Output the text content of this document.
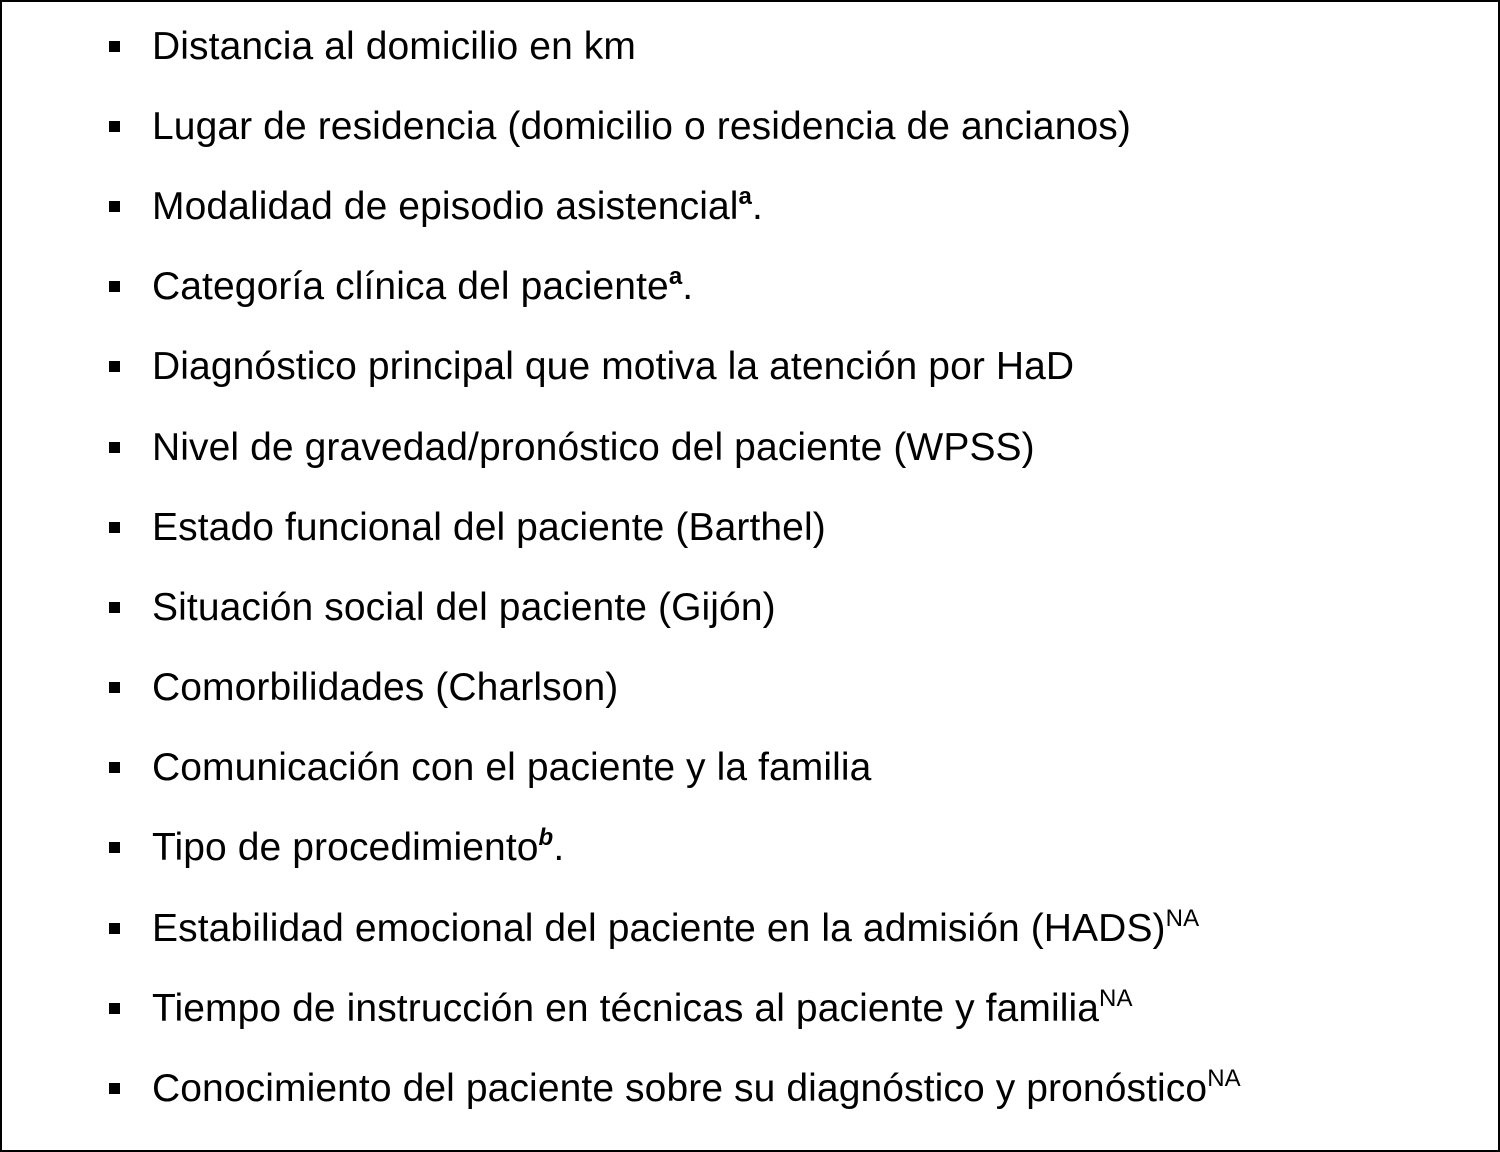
Distancia al domicilio en km
Lugar de residencia (domicilio o residencia de ancianos)
Modalidad de episodio asistencial$^a$.
Categoría clínica del paciente$^a$.
Diagnóstico principal que motiva la atención por HaD
Nivel de gravedad/pronóstico del paciente (WPSS)
Estado funcional del paciente (Barthel)
Situación social del paciente (Gijón)
Comorbilidades (Charlson)
Comunicación con el paciente y la familia
Tipo de procedimiento$^b$.
Estabilidad emocional del paciente en la admisión (HADS)$^{NA}$
Tiempo de instrucción en técnicas al paciente y familia$^{NA}$
Conocimiento del paciente sobre su diagnóstico y pronóstico$^{NA}$
